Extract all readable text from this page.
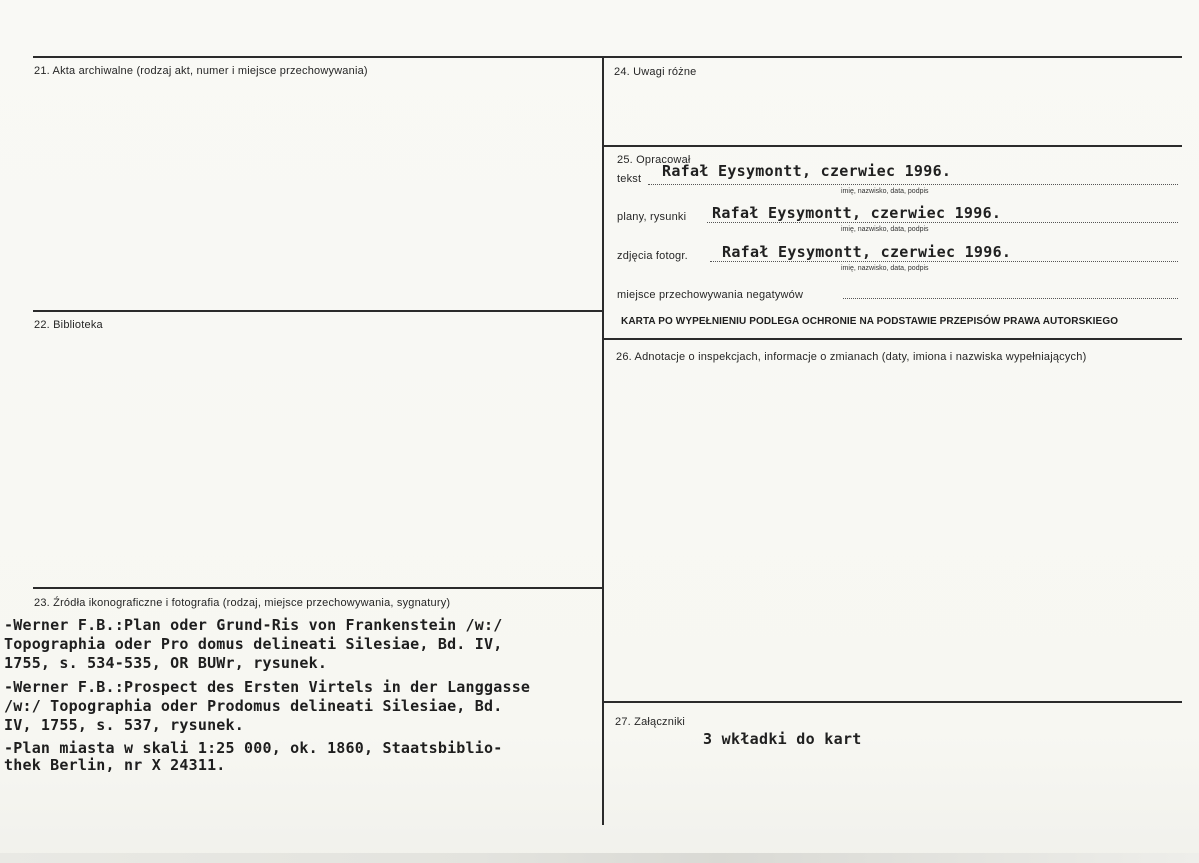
21. Akta archiwalne (rodzaj akt, numer i miejsce przechowywania)
22. Biblioteka
23. Źródła ikonograficzne i fotografia (rodzaj, miejsce przechowywania, sygnatury)
-Werner F.B.:Plan oder Grund-Ris von Frankenstein /w:/
Topographia oder Pro domus delineati Silesiae, Bd. IV,
1755, s. 534-535, OR BUWr, rysunek.
-Werner F.B.:Prospect des Ersten Virtels in der Langgasse
/w:/ Topographia oder Prodomus delineati Silesiae, Bd.
IV, 1755, s. 537, rysunek.
-Plan miasta w skali 1:25 000, ok. 1860, Staatsbiblio-
thek Berlin, nr X 24311.
24. Uwagi różne
25. Opracował
tekst Rafał Eysymontt, czerwiec 1996.
imię, nazwisko, data, podpis
plany, rysunki Rafał Eysymontt, czerwiec 1996.
imię, nazwisko, data, podpis
zdjęcia fotogr. Rafał Eysymontt, czerwiec 1996.
imię, nazwisko, data, podpis
miejsce przechowywania negatywów
KARTA PO WYPEŁNIENIU PODLEGA OCHRONIE NA PODSTAWIE PRZEPISÓW PRAWA AUTORSKIEGO
26. Adnotacje o inspekcjach, informacje o zmianach (daty, imiona i nazwiska wypełniających)
27. Załączniki
3 wkładki do kart
